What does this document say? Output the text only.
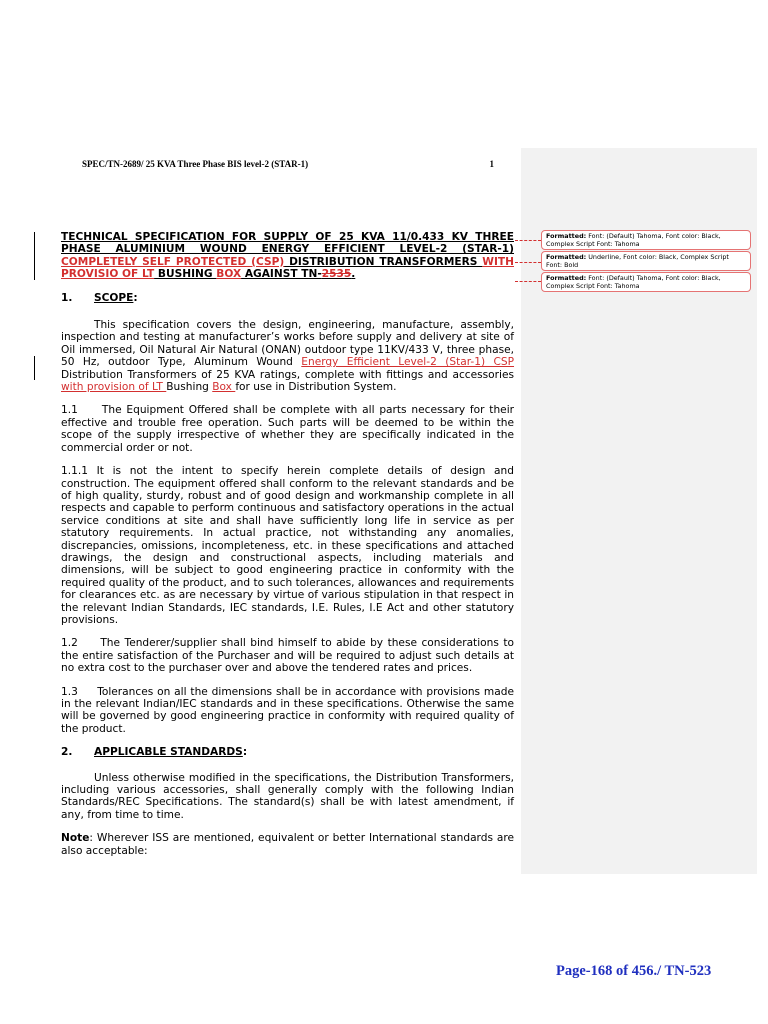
SPEC/TN-2689/ 25 KVA Three Phase BIS level-2 (STAR-1)	1

TECHNICAL SPECIFICATION FOR SUPPLY OF 25 KVA 11/0.433 KV THREE PHASE ALUMINIUM WOUND ENERGY EFFICIENT LEVEL-2 (STAR-1) COMPLETELY SELF PROTECTED (CSP) DISTRIBUTION TRANSFORMERS WITH PROVISIO OF LT BUSHING BOX AGAINST TN-2535.

1. SCOPE:

This specification covers the design, engineering, manufacture, assembly, inspection and testing at manufacturer’s works before supply and delivery at site of Oil immersed, Oil Natural Air Natural (ONAN) outdoor type 11KV/433 V, three phase, 50 Hz, outdoor Type, Aluminum Wound Energy Efficient Level-2 (Star-1) CSP Distribution Transformers of 25 KVA ratings, complete with fittings and accessories with provision of LT Bushing Box for use in Distribution System.

1.1     The Equipment Offered shall be complete with all parts necessary for their effective and trouble free operation. Such parts will be deemed to be within the scope of the supply irrespective of whether they are specifically indicated in the commercial order or not.

1.1.1 It is not the intent to specify herein complete details of design and construction. The equipment offered shall conform to the relevant standards and be of high quality, sturdy, robust and of good design and workmanship complete in all respects and capable to perform continuous and satisfactory operations in the actual service conditions at site and shall have sufficiently long life in service as per statutory requirements. In actual practice, not withstanding any anomalies, discrepancies, omissions, incompleteness, etc. in these specifications and attached drawings, the design and constructional aspects, including materials and dimensions, will be subject to good engineering practice in conformity with the required quality of the product, and to such tolerances, allowances and requirements for clearances etc. as are necessary by virtue of various stipulation in that respect in the relevant Indian Standards, IEC standards, I.E. Rules, I.E Act and other statutory provisions.

1.2     The Tenderer/supplier shall bind himself to abide by these considerations to the entire satisfaction of the Purchaser and will be required to adjust such details at no extra cost to the purchaser over and above the tendered rates and prices.

1.3     Tolerances on all the dimensions shall be in accordance with provisions made in the relevant Indian/IEC standards and in these specifications. Otherwise the same will be governed by good engineering practice in conformity with required quality of the product.

2. APPLICABLE STANDARDS:

Unless otherwise modified in the specifications, the Distribution Transformers, including various accessories, shall generally comply with the following Indian Standards/REC Specifications. The standard(s) shall be with latest amendment, if any, from time to time.

Note: Wherever ISS are mentioned, equivalent or better International standards are also acceptable:

Formatted: Font: (Default) Tahoma, Font color: Black, Complex Script Font: Tahoma
Formatted: Underline, Font color: Black, Complex Script Font: Bold
Formatted: Font: (Default) Tahoma, Font color: Black, Complex Script Font: Tahoma
Page-168 of 456./ TN-523
